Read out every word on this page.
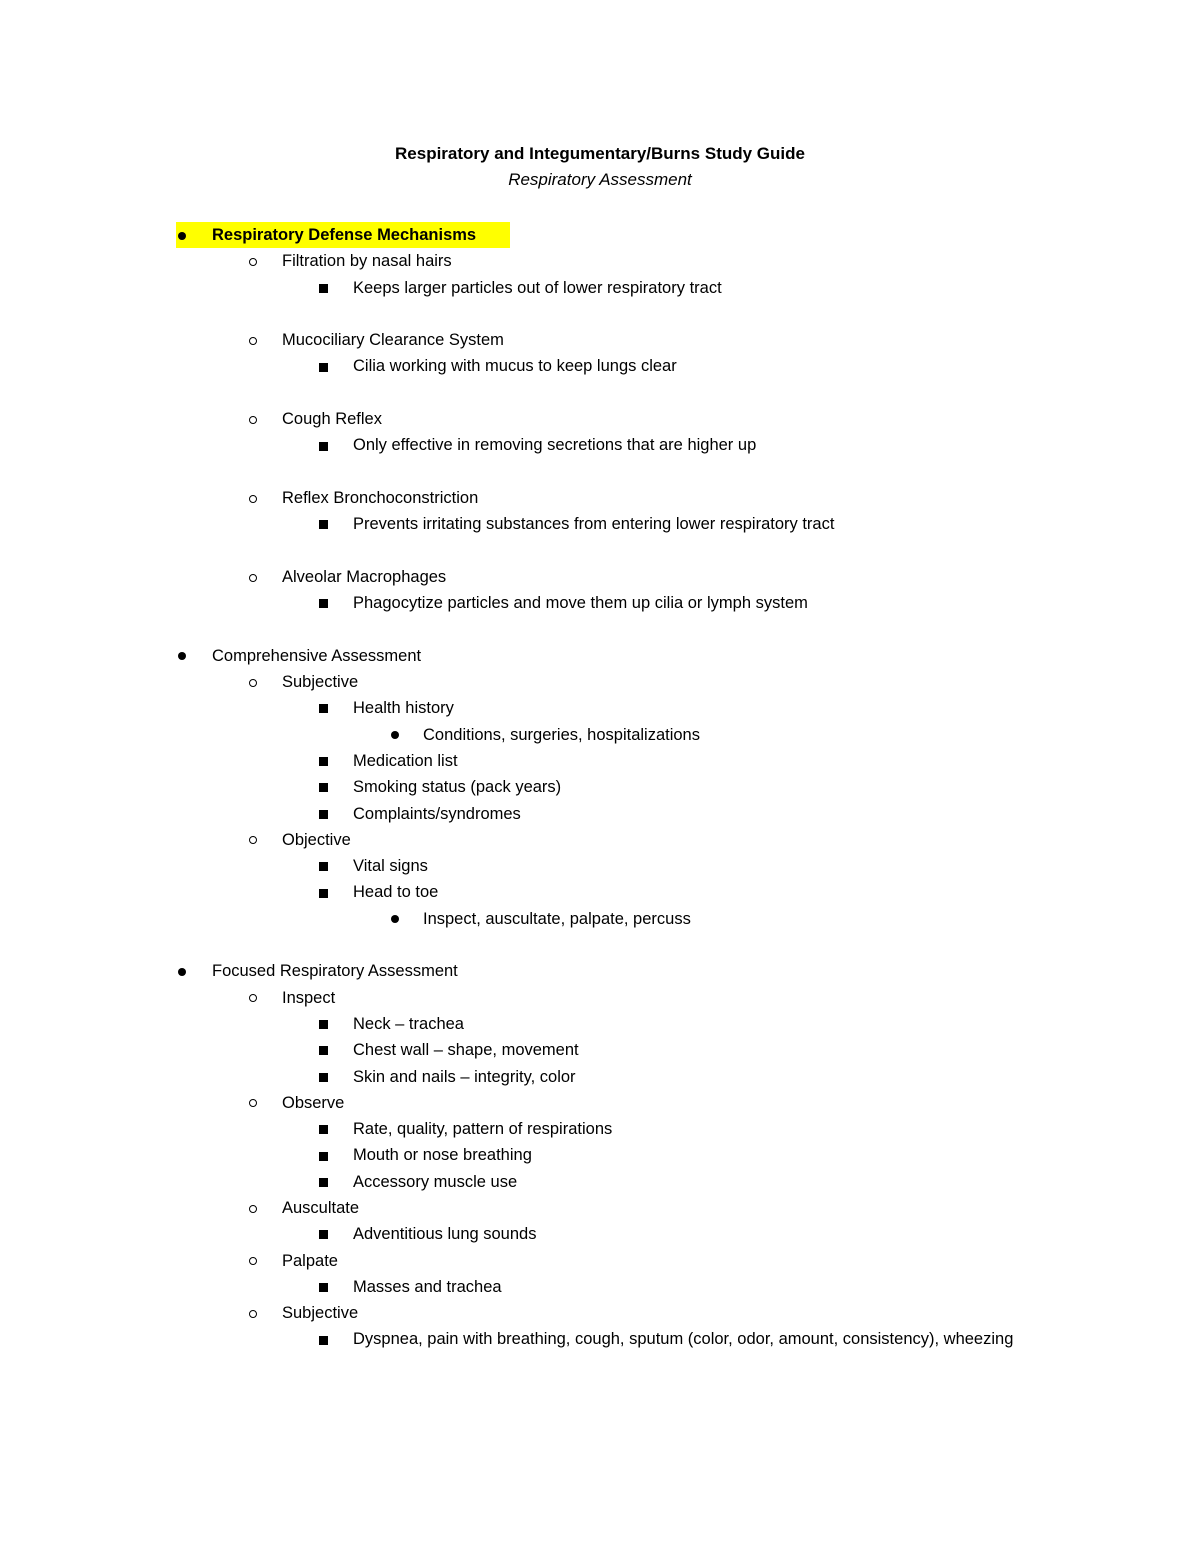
Respiratory and Integumentary/Burns Study Guide
Respiratory Assessment
Respiratory Defense Mechanisms
Filtration by nasal hairs
Keeps larger particles out of lower respiratory tract
Mucociliary Clearance System
Cilia working with mucus to keep lungs clear
Cough Reflex
Only effective in removing secretions that are higher up
Reflex Bronchoconstriction
Prevents irritating substances from entering lower respiratory tract
Alveolar Macrophages
Phagocytize particles and move them up cilia or lymph system
Comprehensive Assessment
Subjective
Health history
Conditions, surgeries, hospitalizations
Medication list
Smoking status (pack years)
Complaints/syndromes
Objective
Vital signs
Head to toe
Inspect, auscultate, palpate, percuss
Focused Respiratory Assessment
Inspect
Neck – trachea
Chest wall – shape, movement
Skin and nails – integrity, color
Observe
Rate, quality, pattern of respirations
Mouth or nose breathing
Accessory muscle use
Auscultate
Adventitious lung sounds
Palpate
Masses and trachea
Subjective
Dyspnea, pain with breathing, cough, sputum (color, odor, amount, consistency), wheezing
